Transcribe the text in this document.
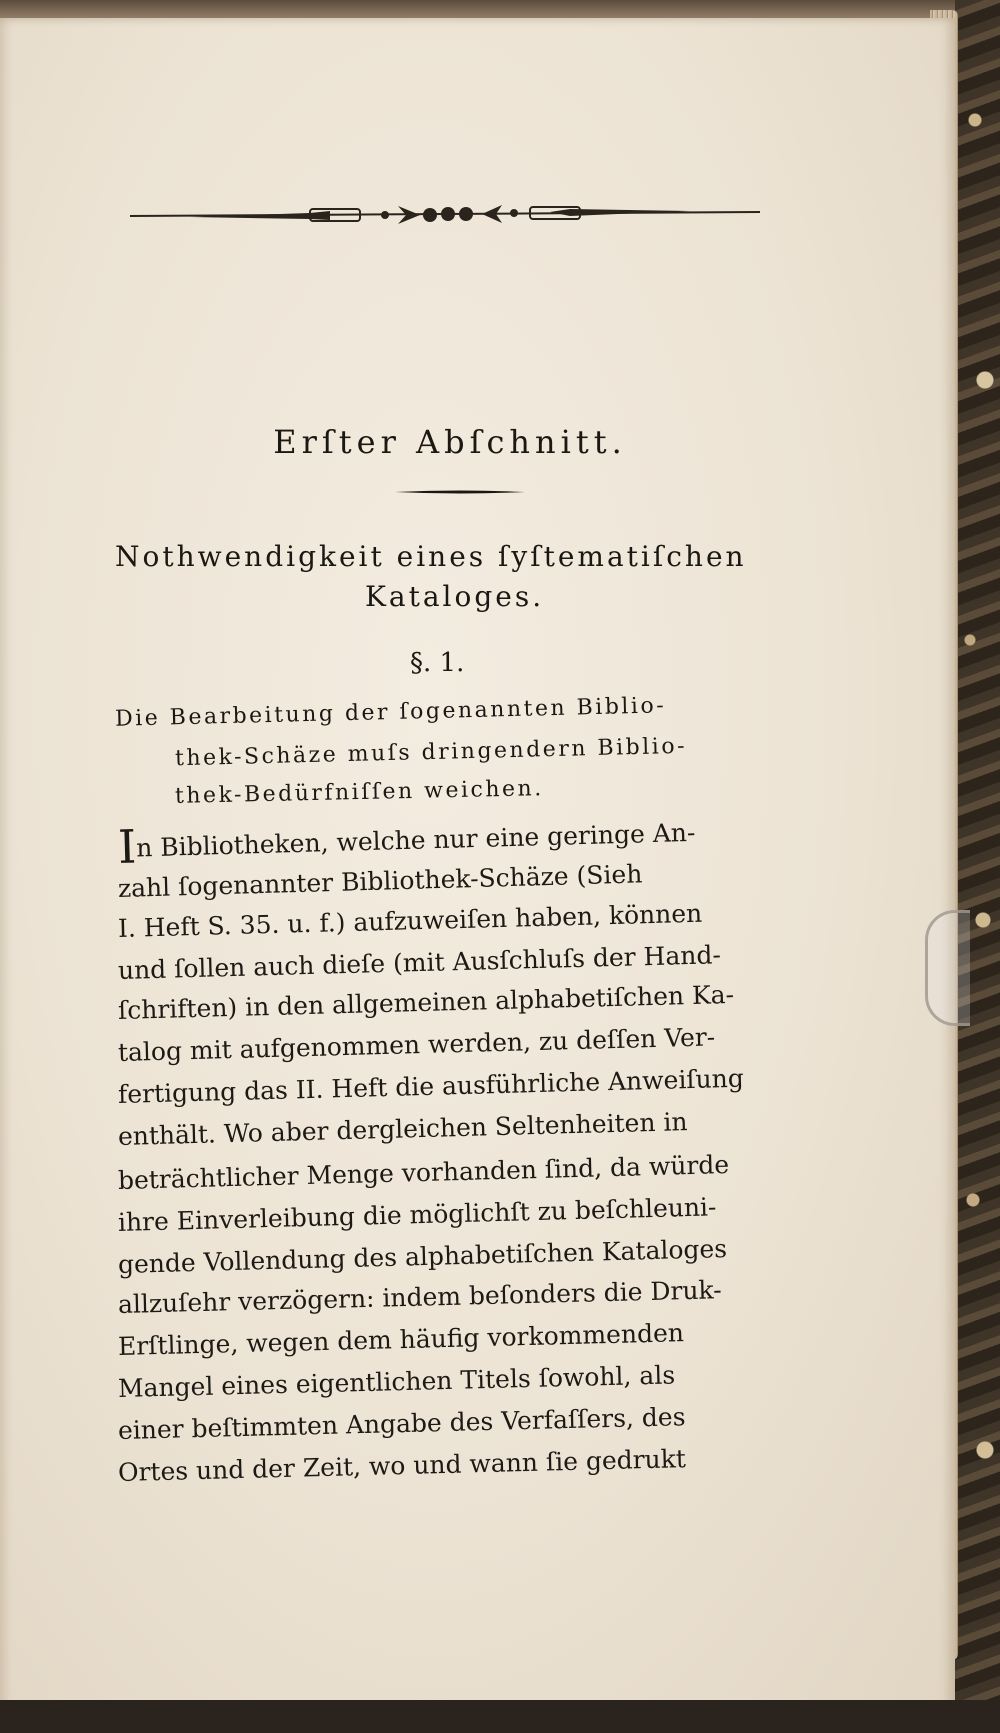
Erſter Abſchnitt.
Nothwendigkeit eines ſyſtematiſchen
Kataloges.
§. 1.
Die Bearbeitung der ſogenannten Biblio-
thek-Schäze muſs dringendern Biblio-
thek-Bedürfniſſen weichen.
In Bibliotheken, welche nur eine geringe An-
zahl ſogenannter Bibliothek-Schäze (Sieh
I. Heft S. 35. u. f.) aufzuweiſen haben, können
und ſollen auch dieſe (mit Ausſchluſs der Hand-
ſchriften) in den allgemeinen alphabetiſchen Ka-
talog mit aufgenommen werden, zu deſſen Ver-
fertigung das II. Heft die ausführliche Anweiſung
enthält. Wo aber dergleichen Seltenheiten in
beträchtlicher Menge vorhanden ſind, da würde
ihre Einverleibung die möglichſt zu beſchleuni-
gende Vollendung des alphabetiſchen Kataloges
allzuſehr verzögern: indem beſonders die Druk-
Erſtlinge, wegen dem häufig vorkommenden
Mangel eines eigentlichen Titels ſowohl, als
einer beſtimmten Angabe des Verfaſſers, des
Ortes und der Zeit, wo und wann ſie gedrukt
